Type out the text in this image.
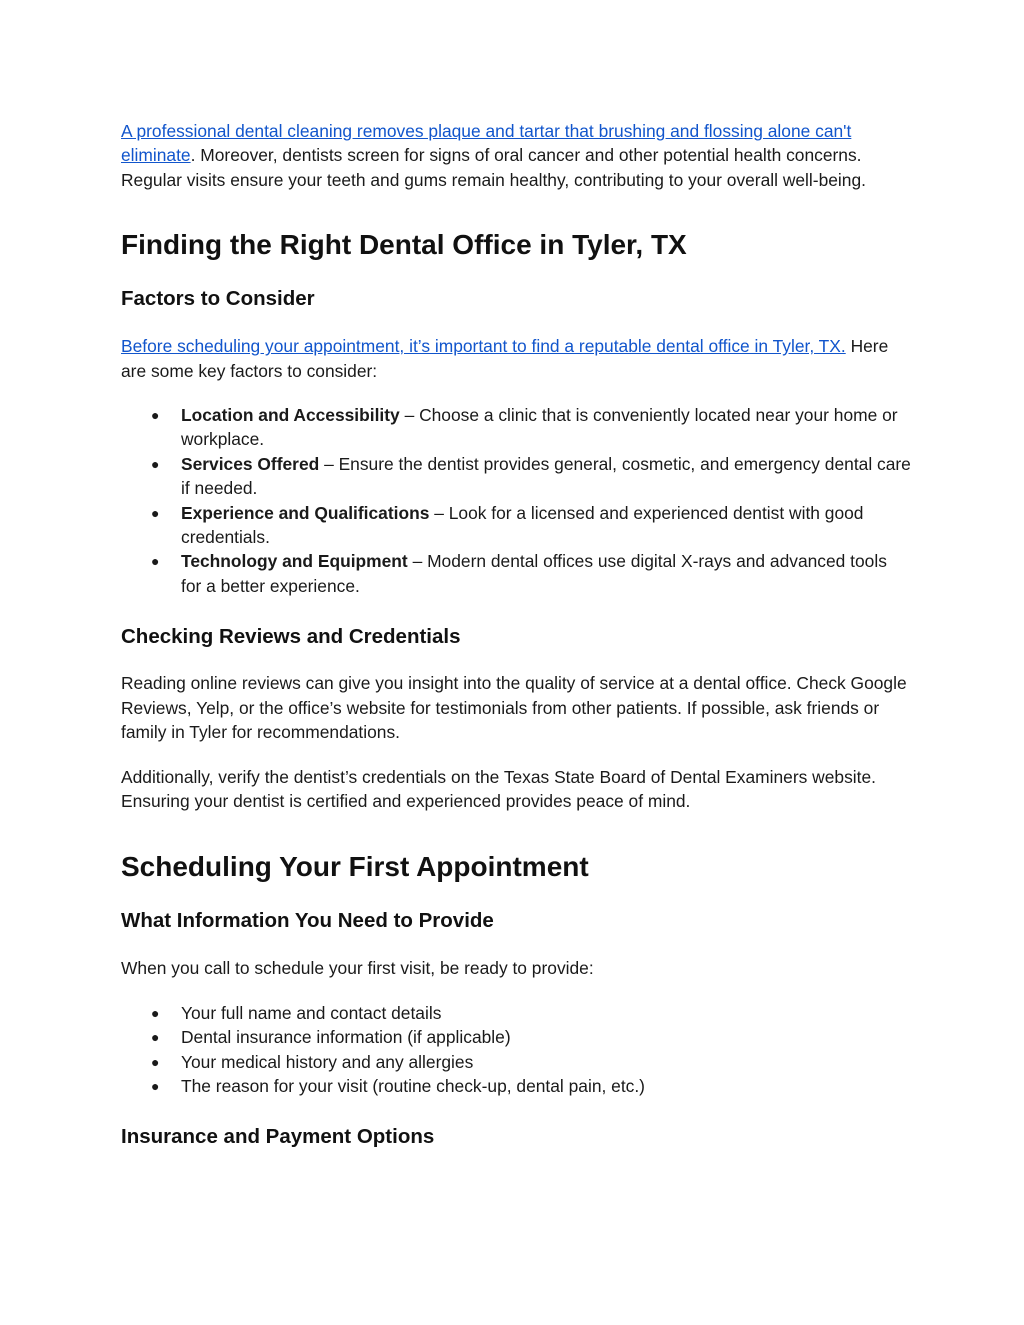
A professional dental cleaning removes plaque and tartar that brushing and flossing alone can't eliminate. Moreover, dentists screen for signs of oral cancer and other potential health concerns. Regular visits ensure your teeth and gums remain healthy, contributing to your overall well-being.

Finding the Right Dental Office in Tyler, TX
Factors to Consider

Before scheduling your appointment, it’s important to find a reputable dental office in Tyler, TX. Here are some key factors to consider:

● Location and Accessibility – Choose a clinic that is conveniently located near your home or workplace.
● Services Offered – Ensure the dentist provides general, cosmetic, and emergency dental care if needed.
● Experience and Qualifications – Look for a licensed and experienced dentist with good credentials.
● Technology and Equipment – Modern dental offices use digital X-rays and advanced tools for a better experience.
Checking Reviews and Credentials

Reading online reviews can give you insight into the quality of service at a dental office. Check Google Reviews, Yelp, or the office’s website for testimonials from other patients. If possible, ask friends or family in Tyler for recommendations.

Additionally, verify the dentist’s credentials on the Texas State Board of Dental Examiners website. Ensuring your dentist is certified and experienced provides peace of mind.

Scheduling Your First Appointment
What Information You Need to Provide

When you call to schedule your first visit, be ready to provide:

● Your full name and contact details
● Dental insurance information (if applicable)
● Your medical history and any allergies
● The reason for your visit (routine check-up, dental pain, etc.)
Insurance and Payment Options
